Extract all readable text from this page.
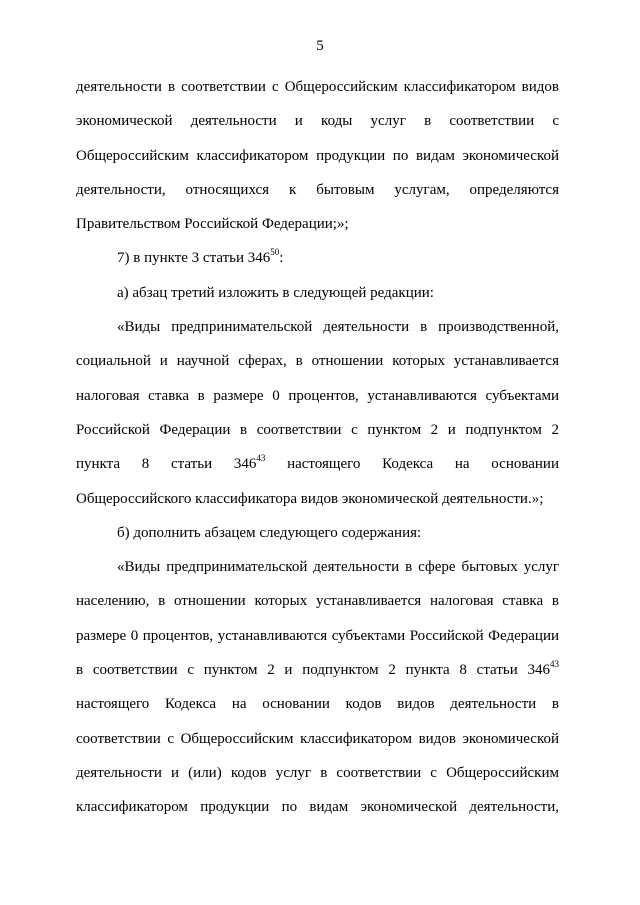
5
деятельности в соответствии с Общероссийским классификатором видов
экономической деятельности и коды услуг в соответствии с
Общероссийским классификатором продукции по видам экономической
деятельности, относящихся к бытовым услугам, определяются
Правительством Российской Федерации;»;
7) в пункте 3 статьи $346^{50}$:
а) абзац третий изложить в следующей редакции:
«Виды предпринимательской деятельности в производственной,
социальной и научной сферах, в отношении которых устанавливается
налоговая ставка в размере 0 процентов, устанавливаются субъектами
Российской Федерации в соответствии с пунктом 2 и подпунктом 2
пункта 8 статьи $346^{43}$ настоящего Кодекса на основании
Общероссийского классификатора видов экономической деятельности.»;
б) дополнить абзацем следующего содержания:
«Виды предпринимательской деятельности в сфере бытовых услуг
населению, в отношении которых устанавливается налоговая ставка в
размере 0 процентов, устанавливаются субъектами Российской Федерации
в соответствии с пунктом 2 и подпунктом 2 пункта 8 статьи $346^{43}$
настоящего Кодекса на основании кодов видов деятельности в
соответствии с Общероссийским классификатором видов экономической
деятельности и (или) кодов услуг в соответствии с Общероссийским
классификатором продукции по видам экономической деятельности,
